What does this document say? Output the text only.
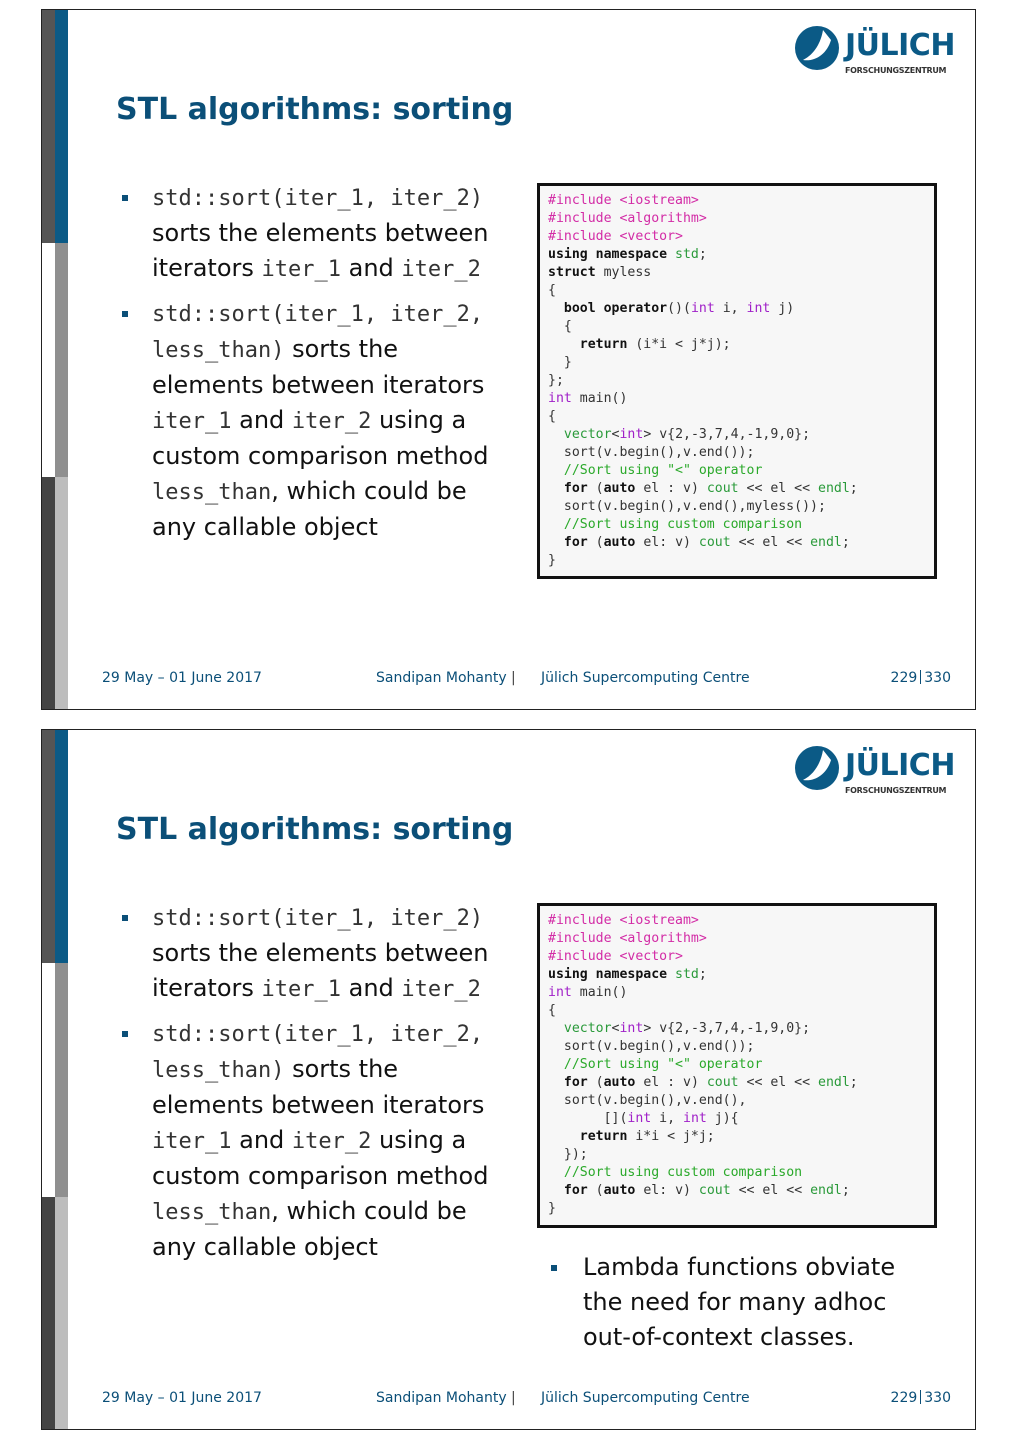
JÜLICH
FORSCHUNGSZENTRUM
STL algorithms: sorting
std::sort(iter_1, iter_2) sorts the elements between iterators iter_1 and iter_2
std::sort(iter_1, iter_2, less_than) sorts the elements between iterators iter_1 and iter_2 using a custom comparison method less_than, which could be any callable object
#include <iostream>
#include <algorithm>
#include <vector>
using namespace std;
struct myless
{
bool operator()(int i, int j)
{
return (i*i < j*j);
}
};
int main()
{
vector<int> v{2,-3,7,4,-1,9,0};
sort(v.begin(),v.end());
//Sort using "<" operator
for (auto el : v) cout << el << endl;
sort(v.begin(),v.end(),myless());
//Sort using custom comparison
for (auto el: v) cout << el << endl;
}
29 May – 01 June 2017	Sandipan Mohanty | Jülich Supercomputing Centre	229 330
JÜLICH
FORSCHUNGSZENTRUM
STL algorithms: sorting
std::sort(iter_1, iter_2) sorts the elements between iterators iter_1 and iter_2
std::sort(iter_1, iter_2, less_than) sorts the elements between iterators iter_1 and iter_2 using a custom comparison method less_than, which could be any callable object
#include <iostream>
#include <algorithm>
#include <vector>
using namespace std;
int main()
{
vector<int> v{2,-3,7,4,-1,9,0};
sort(v.begin(),v.end());
//Sort using "<" operator
for (auto el : v) cout << el << endl;
sort(v.begin(),v.end(),
[](int i, int j){
return i*i < j*j;
});
//Sort using custom comparison
for (auto el: v) cout << el << endl;
}
Lambda functions obviate the need for many adhoc out-of-context classes.
29 May – 01 June 2017	Sandipan Mohanty | Jülich Supercomputing Centre	229 330
